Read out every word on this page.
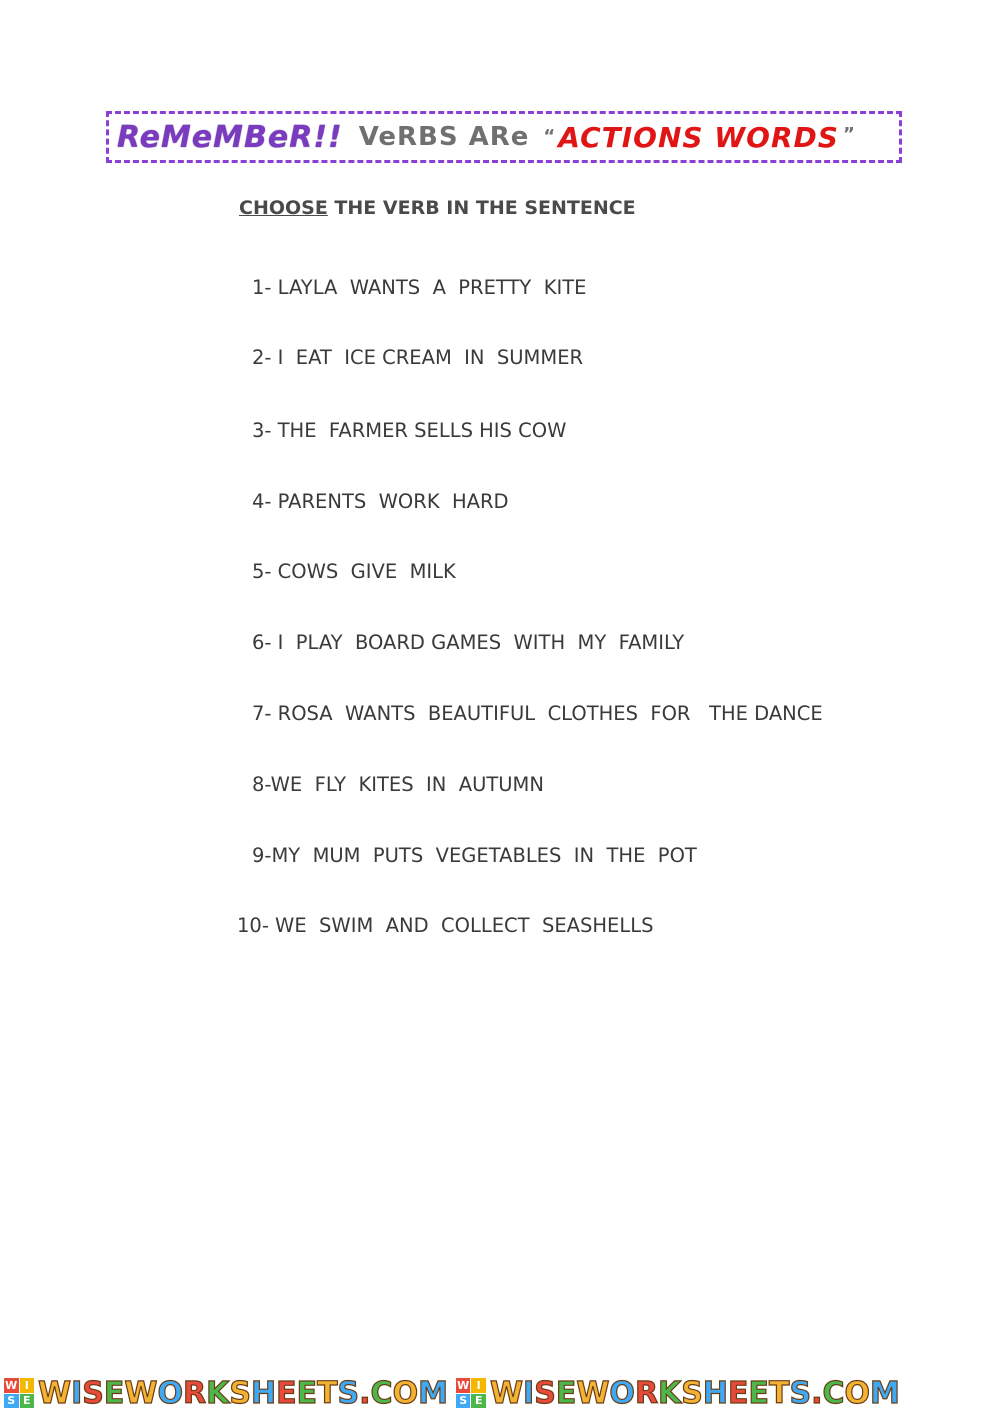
ReMeMBeR!! VeRBS ARe “ ACTIONS WORDS ”
CHOOSE THE VERB IN THE SENTENCE
1- LAYLA  WANTS  A  PRETTY  KITE
2- I  EAT  ICE CREAM  IN  SUMMER
3- THE  FARMER SELLS HIS COW
4- PARENTS  WORK  HARD
5- COWS  GIVE  MILK
6- I  PLAY  BOARD GAMES  WITH  MY  FAMILY
7- ROSA  WANTS  BEAUTIFUL  CLOTHES  FOR   THE DANCE
8-WE  FLY  KITES  IN  AUTUMN
9-MY  MUM  PUTS  VEGETABLES  IN  THE  POT
10- WE  SWIM  AND  COLLECT  SEASHELLS
W I
S E WISEWORKSHEETS.COM W I
S E WISEWORKSHEETS.COM
